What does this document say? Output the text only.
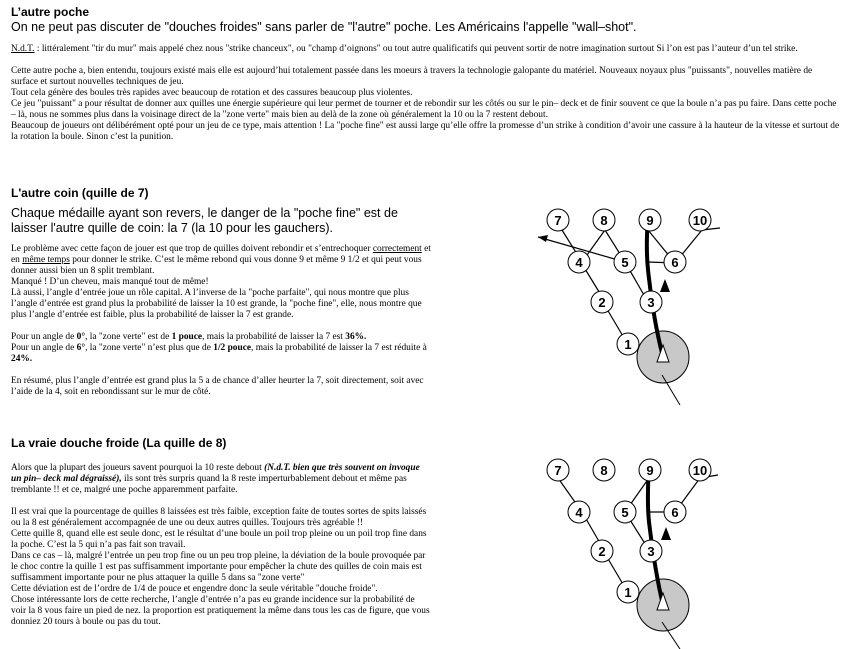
L’autre poche
On ne peut pas discuter de "douches froides" sans parler de "l'autre" poche. Les Américains l'appelle "wall–shot".

N.d.T. : littéralement "tir du mur" mais appelé chez nous "strike chanceux", ou "champ d’oignons" ou tout autre qualificatifs qui peuvent sortir de notre imagination surtout Si l’on est pas l’auteur d’un tel strike.

Cette autre poche a, bien entendu, toujours existé mais elle est aujourd’hui totalement passée dans les moeurs à travers la technologie galopante du matériel. Nouveaux noyaux plus "puissants", nouvelles matière de surface et surtout nouvelles techniques de jeu.

Tout cela génère des boules très rapides avec beaucoup de rotation et des cassures beaucoup plus violentes.

Ce jeu "puissant" a pour résultat de donner aux quilles une énergie supérieure qui leur permet de tourner et de rebondir sur les côtés ou sur le pin– deck et de finir souvent ce que la boule n’a pas pu faire. Dans cette poche – là, nous ne sommes plus dans la voisinage direct de la "zone verte" mais bien au delà de la zone où généralement la 10 ou la 7 restent debout.

Beaucoup de joueurs ont délibérément opté pour un jeu de ce type, mais attention ! La "poche fine" est aussi large qu’elle offre la promesse d’un strike à condition d’avoir une cassure à la hauteur de la vitesse et surtout de la rotation la boule. Sinon c’est la punition.

L'autre coin (quille de 7)
Chaque médaille ayant son revers, le danger de la "poche fine" est de laisser l'autre quille de coin: la 7 (la 10 pour les gauchers).

Le problème avec cette façon de jouer est que trop de quilles doivent rebondir et s’entrechoquer correctement et en même temps pour donner le strike. C’est le même rebond qui vous donne 9 et même 9 1/2 et qui peut vous donner aussi bien un 8 split tremblant.

Manqué ! D’un cheveu, mais manqué tout de même!

Là aussi, l’angle d’entrée joue un rôle capital. A l’inverse de la "poche parfaite", qui nous montre que plus l’angle d’entrée est grand plus la probabilité de laisser la 10 est grande, la "poche fine", elle, nous montre que plus l’angle d’entrée est faible, plus la probabilité de laisser la 7 est grande.

Pour un angle de 0°, la "zone verte" est de 1 pouce, mais la probabilité de laisser la 7 est 36%.

Pour un angle de 6°, la "zone verte" n’est plus que de 1/2 pouce, mais la probabilité de laisser la 7 est réduite à 24%.

En résumé, plus l’angle d’entrée est grand plus la 5 a de chance d’aller heurter la 7, soit directement, soit avec l’aide de la 4, soit en rebondissant sur le mur de côté.

7	8	9	10
4	5	6
2	3
1
La vraie douche froide (La quille de 8)

Alors que la plupart des joueurs savent pourquoi la 10 reste debout (N.d.T. bien que très souvent on invoque un pin– deck mal dégraissé), ils sont très surpris quand la 8 reste imperturbablement debout et même pas tremblante !! et ce, malgré une poche apparemment parfaite.

Il est vrai que la pourcentage de quilles 8 laissées est très faible, exception faite de toutes sortes de spits laissés ou la 8 est généralement accompagnée de une ou deux autres quilles. Toujours très agréable !!

Cette quille 8, quand elle est seule donc, est le résultat d’une boule un poil trop pleine ou un poil trop fine dans la poche. C’est la 5 qui n’a pas fait son travail.

Dans ce cas – là, malgré l’entrée un peu trop fine ou un peu trop pleine, la déviation de la boule provoquée par le choc contre la quille 1 est pas suffisamment importante pour empêcher la chute des quilles de coin mais est suffisamment importante pour ne plus attaquer la quille 5 dans sa "zone verte"

Cette déviation est de l’ordre de 1/4 de pouce et engendre donc la seule véritable "douche froide".

Chose intéressante lors de cette recherche, l’angle d’entrée n’a pas eu grande incidence sur la probabilité de voir la 8 vous faire un pied de nez. la proportion est pratiquement la même dans tous les cas de figure, que vous donniez 20 tours à boule ou pas du tout.

7	8	9	10
4	5	6
2	3
1
